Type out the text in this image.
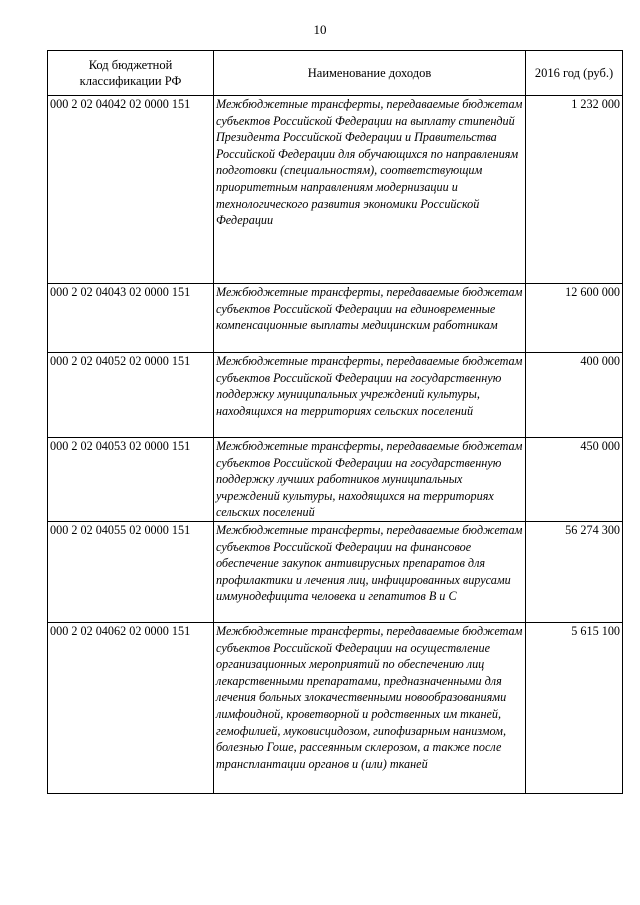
10
Код бюджетной классификации РФ	Наименование доходов	2016 год (руб.)
000 2 02 04042 02 0000 151	Межбюджетные трансферты, передаваемые бюджетам субъектов Российской Федерации на выплату стипендий Президента Российской Федерации и Правительства Российской Федерации для обучающихся по направлениям подготовки (специальностям), соответствующим приоритетным направлениям модернизации и технологического развития экономики Российской Федерации	1 232 000
000 2 02 04043 02 0000 151	Межбюджетные трансферты, передаваемые бюджетам субъектов Российской Федерации на единовременные компенсационные выплаты медицинским работникам	12 600 000
000 2 02 04052 02 0000 151	Межбюджетные трансферты, передаваемые бюджетам субъектов Российской Федерации на государственную поддержку муниципальных учреждений культуры, находящихся на территориях сельских поселений	400 000
000 2 02 04053 02 0000 151	Межбюджетные трансферты, передаваемые бюджетам субъектов Российской Федерации на государственную поддержку лучших работников муниципальных учреждений культуры, находящихся на территориях сельских поселений	450 000
000 2 02 04055 02 0000 151	Межбюджетные трансферты, передаваемые бюджетам субъектов Российской Федерации на финансовое обеспечение закупок антивирусных препаратов для профилактики и лечения лиц, инфицированных вирусами иммунодефицита человека и гепатитов B и C	56 274 300
000 2 02 04062 02 0000 151	Межбюджетные трансферты, передаваемые бюджетам субъектов Российской Федерации на осуществление организационных мероприятий по обеспечению лиц лекарственными препаратами, предназначенными для лечения больных злокачественными новообразованиями лимфоидной, кроветворной и родственных им тканей, гемофилией, муковисцидозом, гипофизарным нанизмом, болезнью Гоше, рассеянным склерозом, а также после трансплантации органов и (или) тканей	5 615 100
